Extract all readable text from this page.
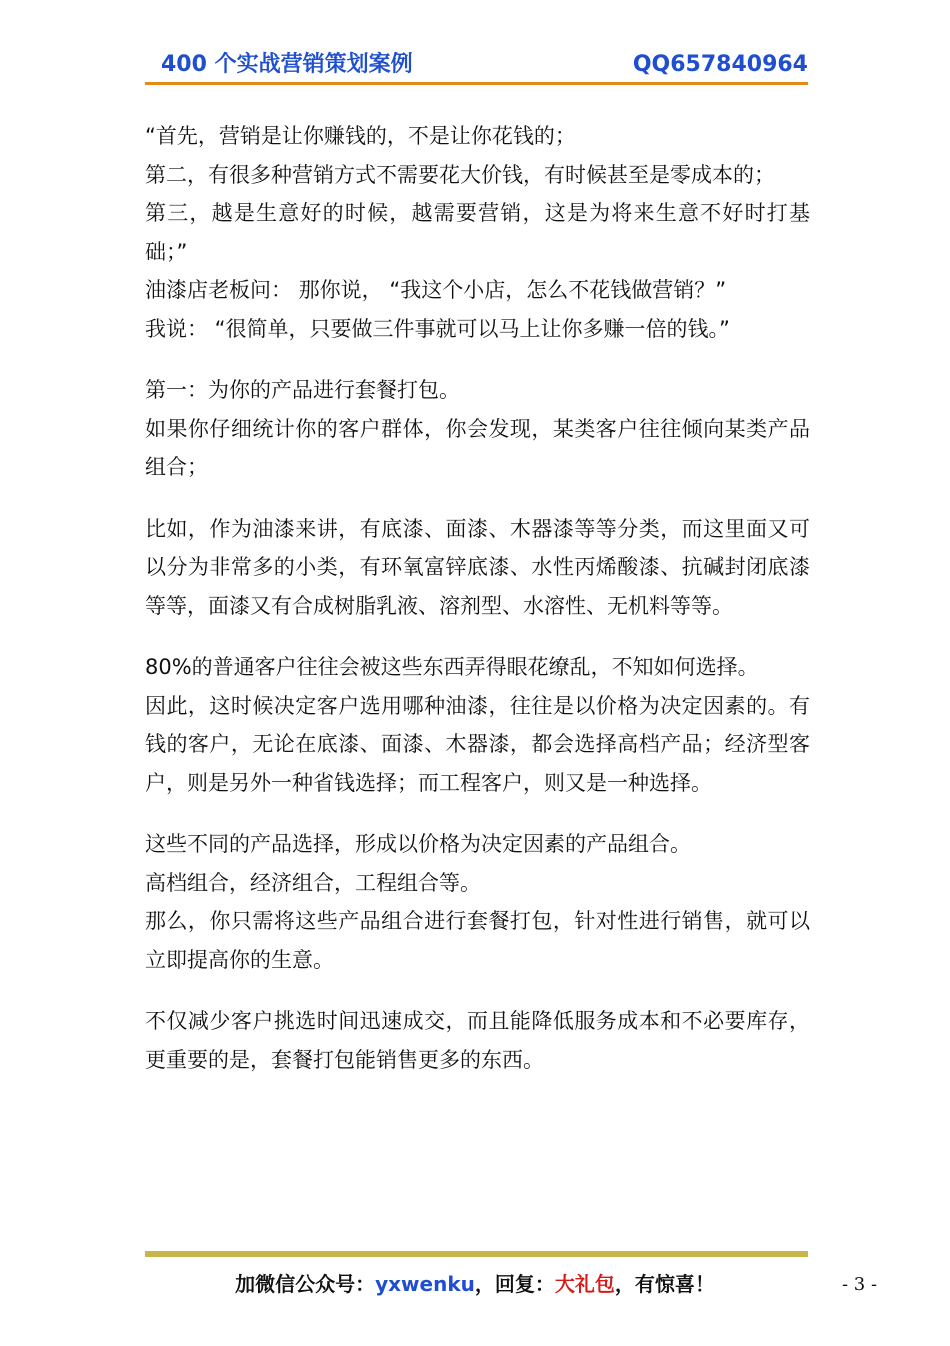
400 个实战营销策划案例	QQ657840964

“首先，营销是让你赚钱的，不是让你花钱的；

第二，有很多种营销方式不需要花大价钱，有时候甚至是零成本的；

第三，越是生意好的时候，越需要营销，这是为将来生意不好时打基础；”

油漆店老板问： 那你说， “我这个小店，怎么不花钱做营销？”

我说： “很简单，只要做三件事就可以马上让你多赚一倍的钱。”

第一：为你的产品进行套餐打包。

如果你仔细统计你的客户群体，你会发现，某类客户往往倾向某类产品组合；

比如，作为油漆来讲，有底漆、面漆、木器漆等等分类，而这里面又可以分为非常多的小类，有环氧富锌底漆、水性丙烯酸漆、抗碱封闭底漆等等，面漆又有合成树脂乳液、溶剂型、水溶性、无机料等等。

80%的普通客户往往会被这些东西弄得眼花缭乱，不知如何选择。

因此，这时候决定客户选用哪种油漆，往往是以价格为决定因素的。有钱的客户，无论在底漆、面漆、木器漆，都会选择高档产品；经济型客户，则是另外一种省钱选择；而工程客户，则又是一种选择。

这些不同的产品选择，形成以价格为决定因素的产品组合。

高档组合，经济组合，工程组合等。

那么，你只需将这些产品组合进行套餐打包，针对性进行销售，就可以立即提高你的生意。

不仅减少客户挑选时间迅速成交，而且能降低服务成本和不必要库存，更重要的是，套餐打包能销售更多的东西。

加微信公众号：yxwenku，回复：大礼包，有惊喜！	- 3 -
